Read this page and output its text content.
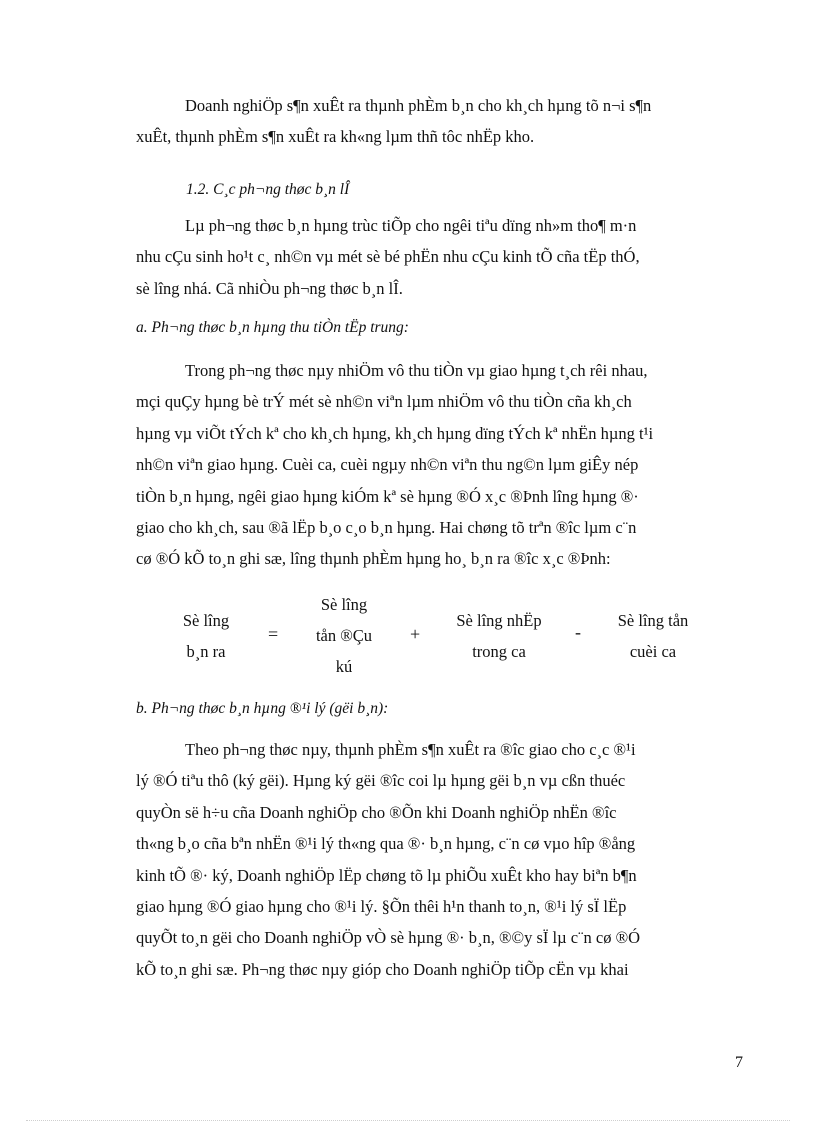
Doanh nghiÖp s¶n xuÊt ra thµnh phÈm b¸n cho kh¸ch hµng tõ n¬i s¶n
xuÊt, thµnh phÈm s¶n xuÊt ra kh«ng lµm thñ tôc nhËp kho.

1.2. C¸c ph¬ng thøc b¸n lÎ

Lµ ph¬ng thøc b¸n hµng trùc tiÕp cho ngêi tiªu dïng nh»m tho¶ m·n
nhu cÇu sinh ho¹t c¸ nh©n vµ mét sè bé phËn nhu cÇu kinh tÕ cña tËp thÓ,
sè lîng nhá. Cã nhiÒu ph¬ng thøc b¸n lÎ.

a. Ph¬ng thøc b¸n hµng thu tiÒn tËp trung:

Trong ph¬ng thøc nµy nhiÖm vô thu tiÒn vµ giao hµng t¸ch rêi nhau,
mçi quÇy hµng bè trÝ mét sè nh©n viªn lµm nhiÖm vô thu tiÒn cña kh¸ch
hµng vµ viÕt tÝch kª cho kh¸ch hµng, kh¸ch hµng dïng tÝch kª nhËn hµng t¹i
nh©n viªn giao hµng. Cuèi ca, cuèi ngµy nh©n viªn thu ng©n lµm giÊy nép
tiÒn b¸n hµng, ngêi giao hµng kiÓm kª sè hµng ®Ó x¸c ®Þnh lîng hµng ®·
giao cho kh¸ch, sau ®ã lËp b¸o c¸o b¸n hµng. Hai chøng tõ trªn ®îc lµm c¨n
cø ®Ó kÕ to¸n ghi sæ, lîng thµnh phÈm hµng ho¸ b¸n ra ®îc x¸c ®Þnh:

Sè lîng
b¸n ra
=
Sè lîng
tån ®Çu
kú
+
Sè lîng nhËp
trong ca
-
Sè lîng tån
cuèi ca
b. Ph¬ng thøc b¸n hµng ®¹i lý (gëi b¸n):

Theo ph¬ng thøc nµy, thµnh phÈm s¶n xuÊt ra ®îc giao cho c¸c ®¹i
lý ®Ó tiªu thô (ký gëi). Hµng ký gëi ®îc coi lµ hµng gëi b¸n vµ cßn thuéc
quyÒn së h÷u cña Doanh nghiÖp cho ®Õn khi Doanh nghiÖp nhËn ®îc
th«ng b¸o cña bªn nhËn ®¹i lý th«ng qua ®· b¸n hµng, c¨n cø vµo hîp ®ång
kinh tÕ ®· ký, Doanh nghiÖp lËp chøng tõ lµ phiÕu xuÊt kho hay biªn b¶n
giao hµng ®Ó giao hµng cho ®¹i lý. §Õn thêi h¹n thanh to¸n, ®¹i lý sÏ lËp
quyÕt to¸n gëi cho Doanh nghiÖp vÒ sè hµng ®· b¸n, ®©y sÏ lµ c¨n cø ®Ó
kÕ to¸n ghi sæ. Ph¬ng thøc nµy gióp cho Doanh nghiÖp tiÕp cËn vµ khai

7
